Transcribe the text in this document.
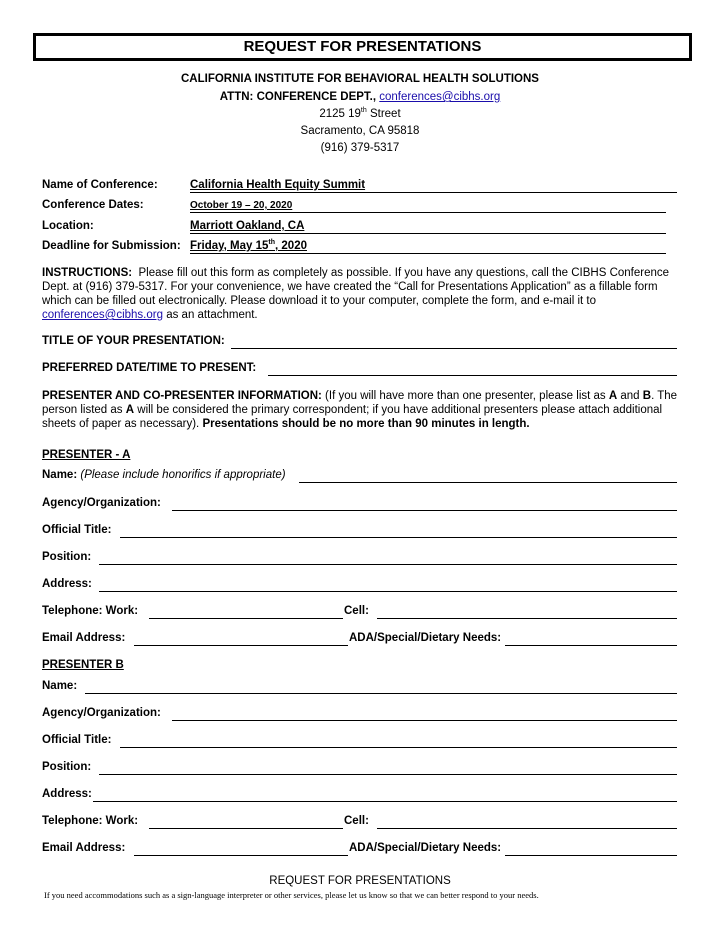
REQUEST FOR PRESENTATIONS
CALIFORNIA INSTITUTE FOR BEHAVIORAL HEALTH SOLUTIONS
ATTN: CONFERENCE DEPT., conferences@cibhs.org
2125 19th Street
Sacramento, CA 95818
(916) 379-5317
Name of Conference:	California Health Equity Summit
Conference Dates:	October 19 – 20, 2020
Location:	Marriott Oakland, CA
Deadline for Submission: Friday, May 15th, 2020
INSTRUCTIONS: Please fill out this form as completely as possible. If you have any questions, call the CIBHS Conference Dept. at (916) 379-5317. For your convenience, we have created the “Call for Presentations Application” as a fillable form which can be filled out electronically. Please download it to your computer, complete the form, and e-mail it to conferences@cibhs.org as an attachment.
TITLE OF YOUR PRESENTATION:
PREFERRED DATE/TIME TO PRESENT:
PRESENTER AND CO-PRESENTER INFORMATION: (If you will have more than one presenter, please list as A and B. The person listed as A will be considered the primary correspondent; if you have additional presenters please attach additional sheets of paper as necessary). Presentations should be no more than 90 minutes in length.
PRESENTER - A
Name: (Please include honorifics if appropriate)
Agency/Organization:
Official Title:
Position:
Address:
Telephone: Work:	Cell:
Email Address:	ADA/Special/Dietary Needs:
PRESENTER B
Name:
Agency/Organization:
Official Title:
Position:
Address:
Telephone: Work:	Cell:
Email Address:	ADA/Special/Dietary Needs:
REQUEST FOR PRESENTATIONS
If you need accommodations such as a sign-language interpreter or other services, please let us know so that we can better respond to your needs.
